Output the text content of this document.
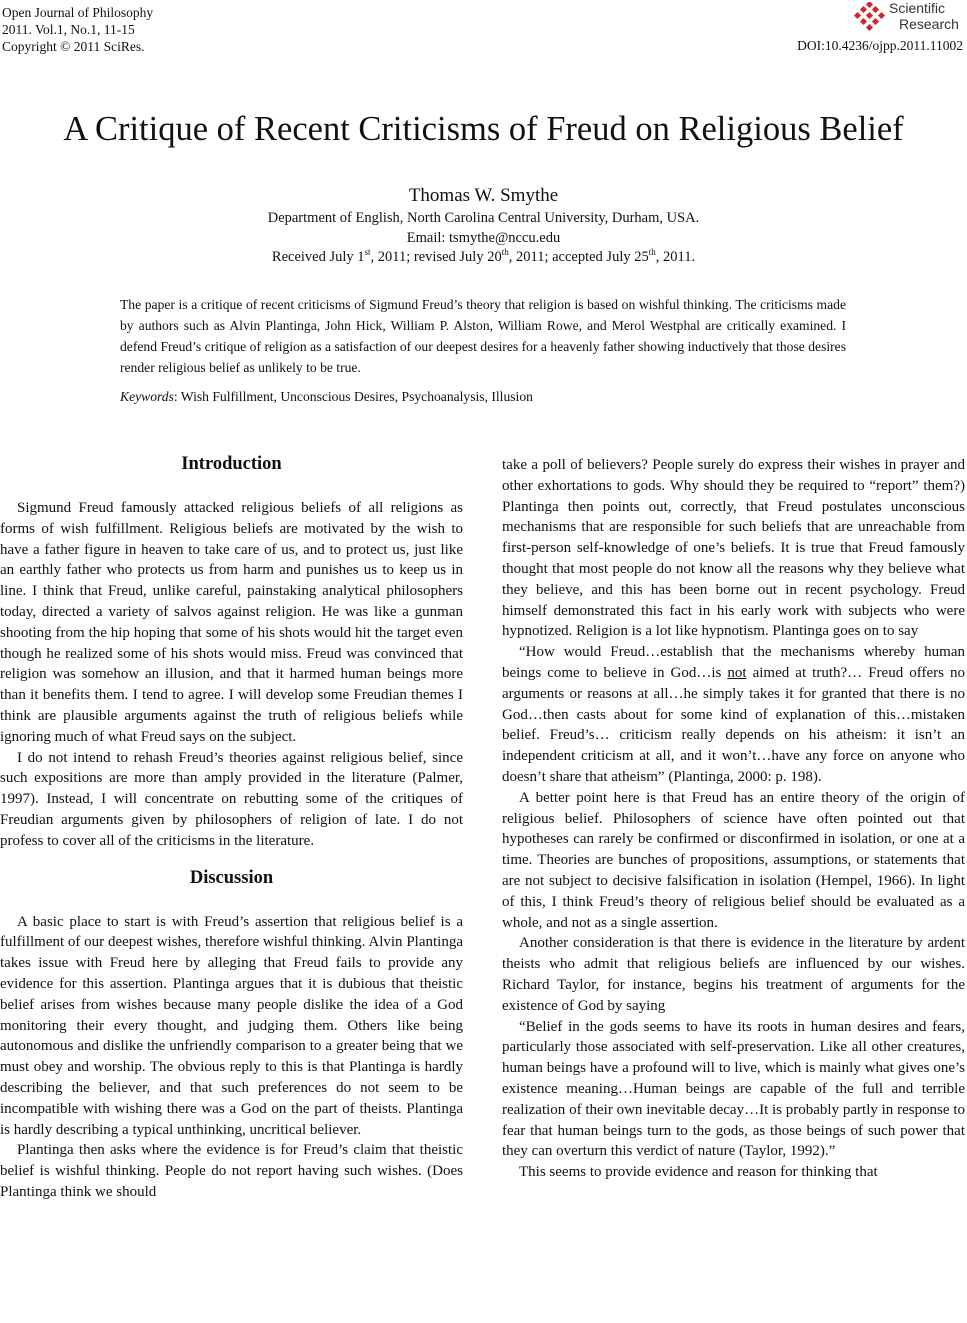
Open Journal of Philosophy
2011. Vol.1, No.1, 11-15
Copyright © 2011 SciRes.
Scientific
Research
DOI:10.4236/ojpp.2011.11002
A Critique of Recent Criticisms of Freud on Religious Belief
Thomas W. Smythe
Department of English, North Carolina Central University, Durham, USA.
Email: tsmythe@nccu.edu
Received July 1st, 2011; revised July 20th, 2011; accepted July 25th, 2011.
The paper is a critique of recent criticisms of Sigmund Freud’s theory that religion is based on wishful thinking. The criticisms made by authors such as Alvin Plantinga, John Hick, William P. Alston, William Rowe, and Merol Westphal are critically examined. I defend Freud’s critique of religion as a satisfaction of our deepest desires for a heavenly father showing inductively that those desires render religious belief as unlikely to be true.
Keywords: Wish Fulfillment, Unconscious Desires, Psychoanalysis, Illusion
Introduction

Sigmund Freud famously attacked religious beliefs of all religions as forms of wish fulfillment. Religious beliefs are motivated by the wish to have a father figure in heaven to take care of us, and to protect us, just like an earthly father who protects us from harm and punishes us to keep us in line. I think that Freud, unlike careful, painstaking analytical philosophers today, directed a variety of salvos against religion. He was like a gunman shooting from the hip hoping that some of his shots would hit the target even though he realized some of his shots would miss. Freud was convinced that religion was somehow an illusion, and that it harmed human beings more than it benefits them. I tend to agree. I will develop some Freudian themes I think are plausible arguments against the truth of religious beliefs while ignoring much of what Freud says on the subject.

I do not intend to rehash Freud’s theories against religious belief, since such expositions are more than amply provided in the literature (Palmer, 1997). Instead, I will concentrate on rebutting some of the critiques of Freudian arguments given by philosophers of religion of late. I do not profess to cover all of the criticisms in the literature.

Discussion

A basic place to start is with Freud’s assertion that religious belief is a fulfillment of our deepest wishes, therefore wishful thinking. Alvin Plantinga takes issue with Freud here by alleging that Freud fails to provide any evidence for this assertion. Plantinga argues that it is dubious that theistic belief arises from wishes because many people dislike the idea of a God monitoring their every thought, and judging them. Others like being autonomous and dislike the unfriendly comparison to a greater being that we must obey and worship. The obvious reply to this is that Plantinga is hardly describing the believer, and that such preferences do not seem to be incompatible with wishing there was a God on the part of theists. Plantinga is hardly describing a typical unthinking, uncritical believer.

Plantinga then asks where the evidence is for Freud’s claim that theistic belief is wishful thinking. People do not report having such wishes. (Does Plantinga think we should

take a poll of believers? People surely do express their wishes in prayer and other exhortations to gods. Why should they be required to “report” them?) Plantinga then points out, correctly, that Freud postulates unconscious mechanisms that are responsible for such beliefs that are unreachable from first-person self-knowledge of one’s beliefs. It is true that Freud famously thought that most people do not know all the reasons why they believe what they believe, and this has been borne out in recent psychology. Freud himself demonstrated this fact in his early work with subjects who were hypnotized. Religion is a lot like hypnotism. Plantinga goes on to say

“How would Freud…establish that the mechanisms whereby human beings come to believe in God…is not aimed at truth?… Freud offers no arguments or reasons at all…he simply takes it for granted that there is no God…then casts about for some kind of explanation of this…mistaken belief. Freud’s… criticism really depends on his atheism: it isn’t an independent criticism at all, and it won’t…have any force on anyone who doesn’t share that atheism” (Plantinga, 2000: p. 198).

A better point here is that Freud has an entire theory of the origin of religious belief. Philosophers of science have often pointed out that hypotheses can rarely be confirmed or disconfirmed in isolation, or one at a time. Theories are bunches of propositions, assumptions, or statements that are not subject to decisive falsification in isolation (Hempel, 1966). In light of this, I think Freud’s theory of religious belief should be evaluated as a whole, and not as a single assertion.

Another consideration is that there is evidence in the literature by ardent theists who admit that religious beliefs are influenced by our wishes. Richard Taylor, for instance, begins his treatment of arguments for the existence of God by saying

“Belief in the gods seems to have its roots in human desires and fears, particularly those associated with self-preservation. Like all other creatures, human beings have a profound will to live, which is mainly what gives one’s existence meaning…Human beings are capable of the full and terrible realization of their own inevitable decay…It is probably partly in response to fear that human beings turn to the gods, as those beings of such power that they can overturn this verdict of nature (Taylor, 1992).”

This seems to provide evidence and reason for thinking that
